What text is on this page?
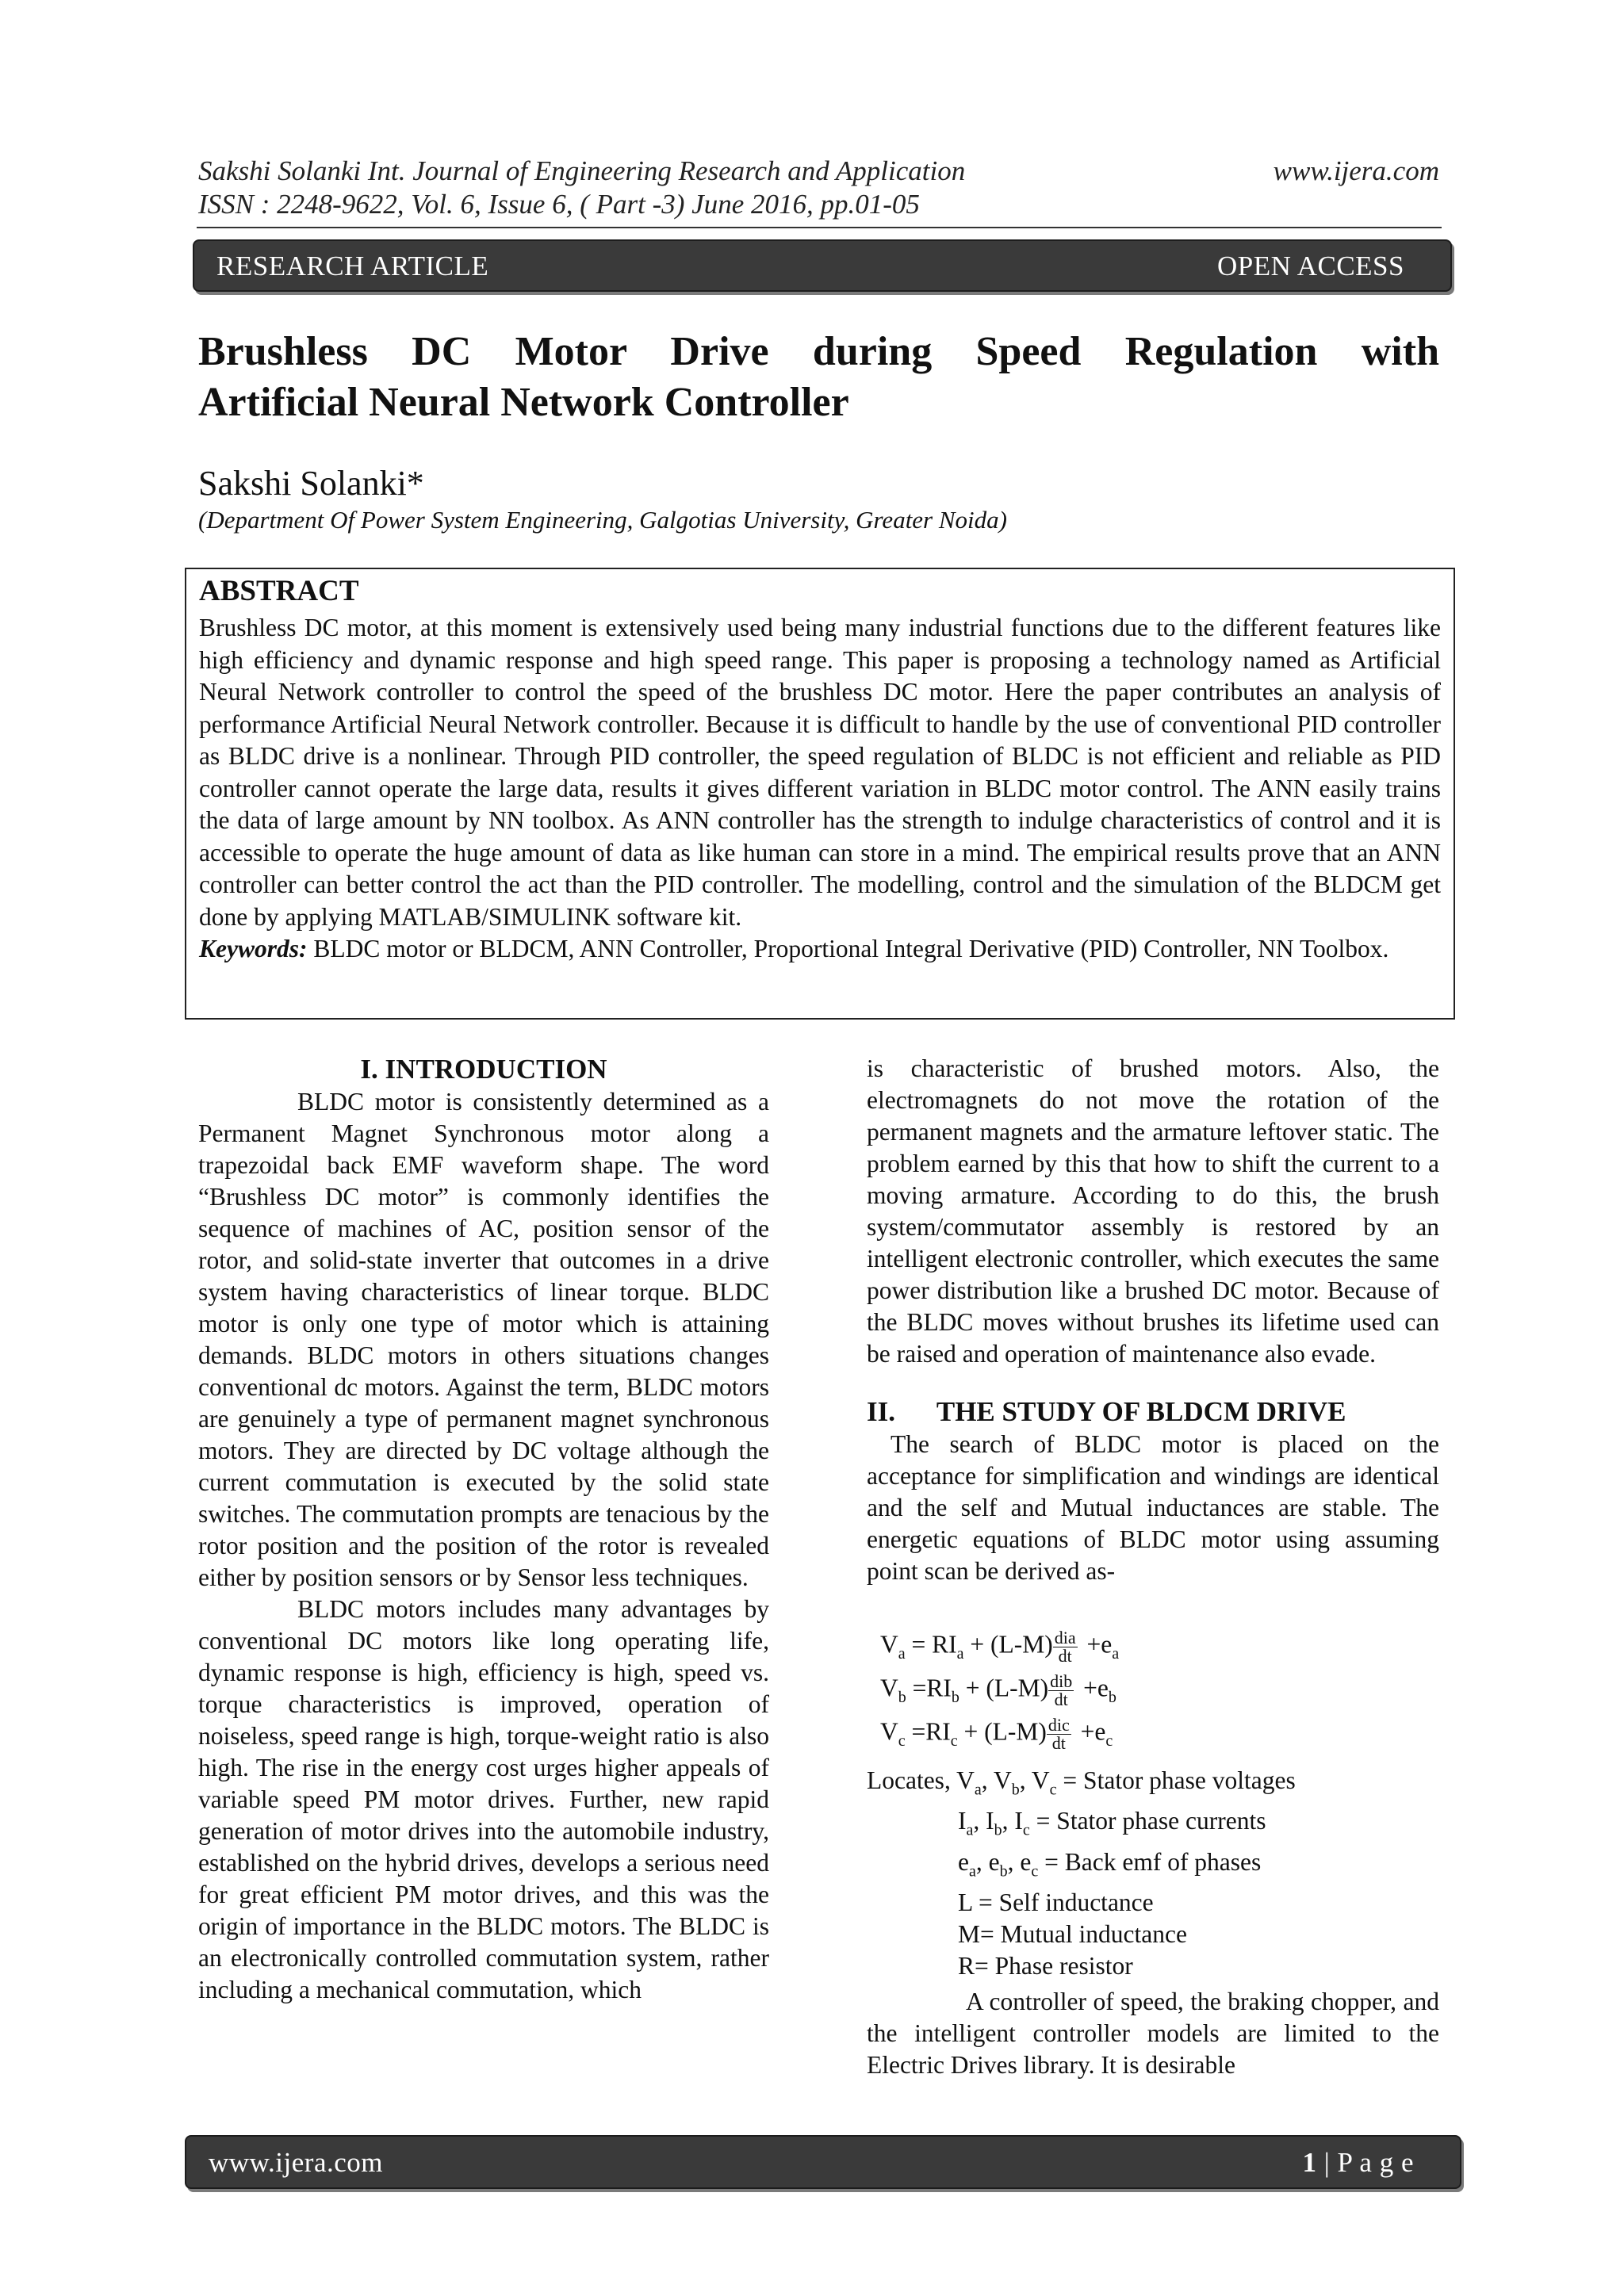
Sakshi Solanki Int. Journal of Engineering Research and Application	www.ijera.com
ISSN : 2248-9622, Vol. 6, Issue 6, ( Part -3) June 2016, pp.01-05
RESEARCH ARTICLE	OPEN ACCESS
Brushless DC Motor Drive during Speed Regulation with
Artificial Neural Network Controller
Sakshi Solanki*
(Department Of Power System Engineering, Galgotias University, Greater Noida)
ABSTRACT
Brushless DC motor, at this moment is extensively used being many industrial functions due to the different features like high efficiency and dynamic response and high speed range. This paper is proposing a technology named as Artificial Neural Network controller to control the speed of the brushless DC motor. Here the paper contributes an analysis of performance Artificial Neural Network controller. Because it is difficult to handle by the use of conventional PID controller as BLDC drive is a nonlinear. Through PID controller, the speed regulation of BLDC is not efficient and reliable as PID controller cannot operate the large data, results it gives different variation in BLDC motor control. The ANN easily trains the data of large amount by NN toolbox. As ANN controller has the strength to indulge characteristics of control and it is accessible to operate the huge amount of data as like human can store in a mind. The empirical results prove that an ANN controller can better control the act than the PID controller. The modelling, control and the simulation of the BLDCM get done by applying MATLAB/SIMULINK software kit.
Keywords: BLDC motor or BLDCM, ANN Controller, Proportional Integral Derivative (PID) Controller, NN Toolbox.

I. INTRODUCTION

BLDC motor is consistently determined as a Permanent Magnet Synchronous motor along a trapezoidal back EMF waveform shape. The word “Brushless DC motor” is commonly identifies the sequence of machines of AC, position sensor of the rotor, and solid-state inverter that outcomes in a drive system having characteristics of linear torque. BLDC motor is only one type of motor which is attaining demands. BLDC motors in others situations changes conventional dc motors. Against the term, BLDC motors are genuinely a type of permanent magnet synchronous motors. They are directed by DC voltage although the current commutation is executed by the solid state switches. The commutation prompts are tenacious by the rotor position and the position of the rotor is revealed either by position sensors or by Sensor less techniques.

BLDC motors includes many advantages by conventional DC motors like long operating life, dynamic response is high, efficiency is high, speed vs. torque characteristics is improved, operation of noiseless, speed range is high, torque-weight ratio is also high. The rise in the energy cost urges higher appeals of variable speed PM motor drives. Further, new rapid generation of motor drives into the automobile industry, established on the hybrid drives, develops a serious need for great efficient PM motor drives, and this was the origin of importance in the BLDC motors. The BLDC is an electronically controlled commutation system, rather including a mechanical commutation, which

is characteristic of brushed motors. Also, the electromagnets do not move the rotation of the permanent magnets and the armature leftover static. The problem earned by this that how to shift the current to a moving armature. According to do this, the brush system/commutator assembly is restored by an intelligent electronic controller, which executes the same power distribution like a brushed DC motor. Because of the BLDC moves without brushes its lifetime used can be raised and operation of maintenance also evade.

II.      THE STUDY OF BLDCM DRIVE

The search of BLDC motor is placed on the acceptance for simplification and windings are identical and the self and Mutual inductances are stable. The energetic equations of BLDC motor using assuming point scan be derived as-

$V_a = RI_a + (L-M) \frac{\text{dia}}{dt} +e_a$
$V_b =RI_b + (L-M) \frac{\text{dib}}{dt} +e_b$
$V_c =RI_c + (L-M) \frac{\text{dic}}{dt} +e_c$
Locates, $V_a$, $V_b$, $V_c$ = Stator phase voltages
$I_a$, $I_b$, $I_c$ = Stator phase currents
$e_a$, $e_b$, $e_c$ = Back emf of phases
L = Self inductance
M= Mutual inductance
R= Phase resistor

A controller of speed, the braking chopper, and the intelligent controller models are limited to the Electric Drives library. It is desirable

www.ijera.com	1 | P a g e
